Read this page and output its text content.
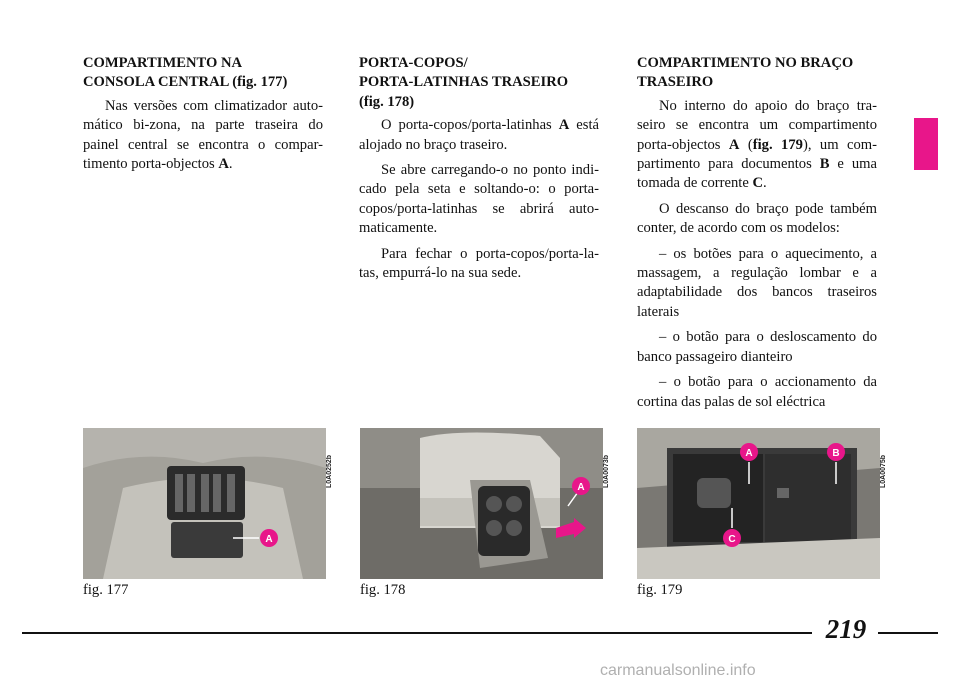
COMPARTIMENTO NA
CONSOLA CENTRAL (fig. 177)

Nas versões com climatizador auto-mático bi-zona, na parte traseira do painel central se encontra o compar-timento porta-objectos A.

PORTA-COPOS/
PORTA-LATINHAS TRASEIRO
(fig. 178)

O porta-copos/porta-latinhas A está alojado no braço traseiro.

Se abre carregando-o no ponto indi-cado pela seta e soltando-o: o porta-copos/porta-latinhas se abrirá auto-maticamente.

Para fechar o porta-copos/porta-la-tas, empurrá-lo na sua sede.

COMPARTIMENTO NO BRAÇO
TRASEIRO

No interno do apoio do braço tra-seiro se encontra um compartimento porta-objectos A (fig. 179), um com-partimento para documentos B e uma tomada de corrente C.

O descanso do braço pode também conter, de acordo com os modelos:

– os botões para o aquecimento, a massagem, a regulação lombar e a adaptabilidade dos bancos traseiros laterais

– o botão para o desloscamento do banco passageiro dianteiro

– o botão para o accionamento da cortina das palas de sol eléctrica

A
L0A0252b
fig. 177
A	L0A0073b
fig. 178
A	B
C
L0A0075b
fig. 179
219
carmanualsonline.info
